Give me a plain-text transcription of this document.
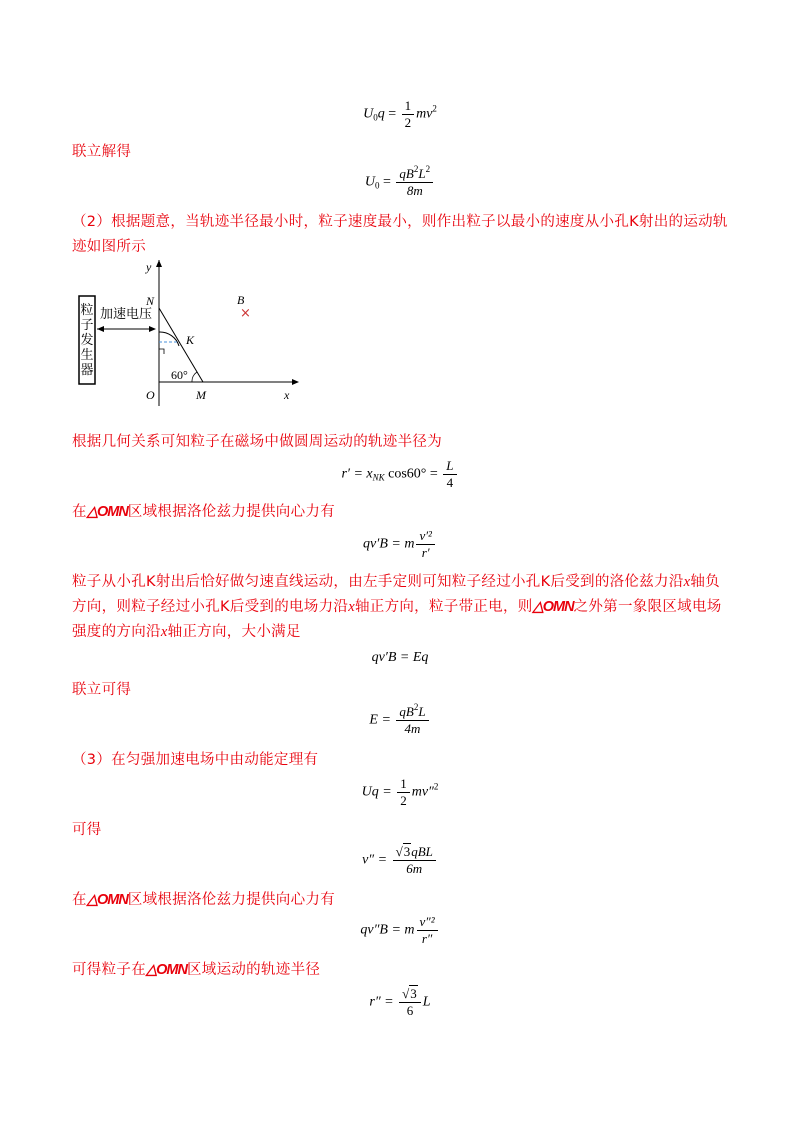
$U_0q = \frac{1}{2} mv^2$
联立解得
$U_0 = \frac{qB^2L^2}{8m}$
（2）根据题意，当轨迹半径最小时，粒子速度最小，则作出粒子以最小的速度从小孔K射出的运动轨迹如图所示
粒
子
发
生
器
加速电压
y
x
60°
N
K
O	M
B
×
根据几何关系可知粒子在磁场中做圆周运动的轨迹半径为
$r' = x_{NK}$ $\cos 60^\circ = \frac{L}{4}$
在△OMN区域根据洛伦兹力提供向心力有
qv′B = m $\frac{\text{v′²}}{r'}$
粒子从小孔K射出后恰好做匀速直线运动，由左手定则可知粒子经过小孔K后受到的洛伦兹力沿x轴负方向，则粒子经过小孔K后受到的电场力沿x轴正方向，粒子带正电，则△OMN之外第一象限区域电场强度的方向沿x轴正方向，大小满足
qv′B = Eq
联立可得
$E = \frac{qB^2L}{4m}$
（3）在匀强加速电场中由动能定理有
$Uq = \frac{1}{2} mv''^2$
可得
$v'' = \frac{\text{√3qBL}}{6m}$
在△OMN区域根据洛伦兹力提供向心力有
qv″B = m $\frac{\text{v″²}}{r''}$
可得粒子在△OMN区域运动的轨迹半径
$r'' = \frac{√3}{6}$ L
